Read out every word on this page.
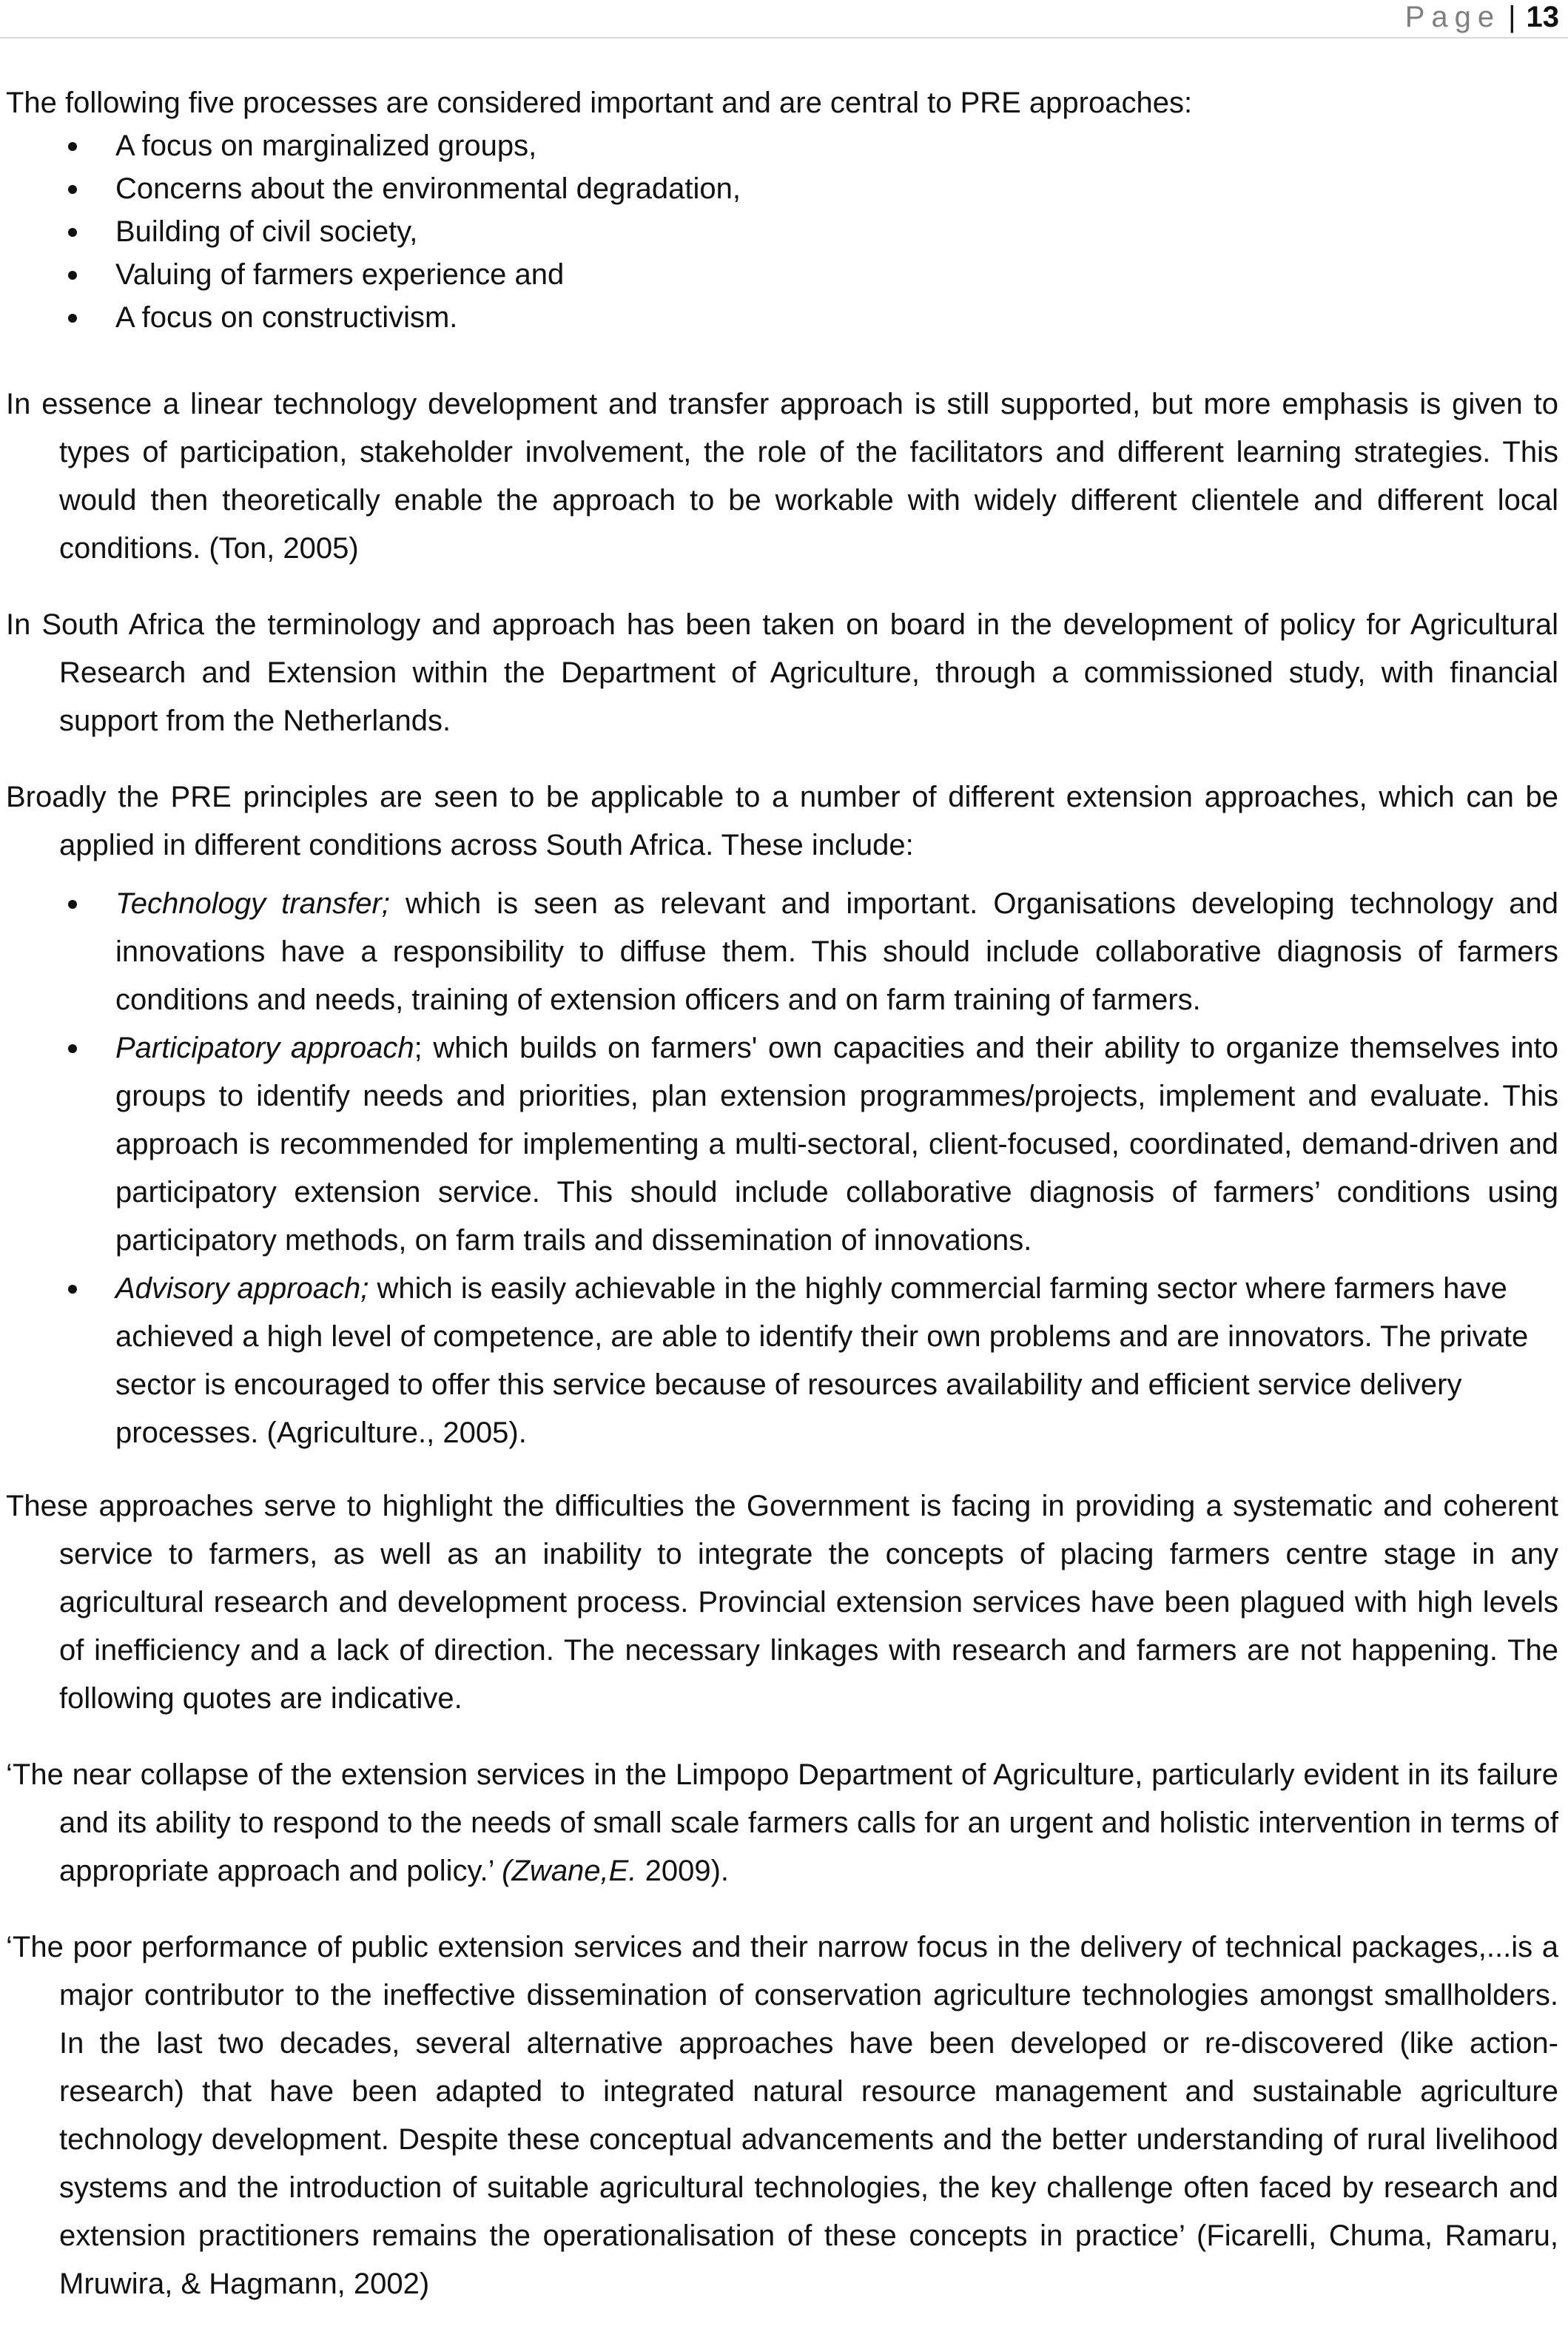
Page | 13

The following five processes are considered important and are central to PRE approaches:

A focus on marginalized groups,
Concerns about the environmental degradation,
Building of civil society,
Valuing of farmers experience and
A focus on constructivism.

In essence a linear technology development and transfer approach is still supported, but more emphasis is given to types of participation, stakeholder involvement, the role of the facilitators and different learning strategies. This would then theoretically enable the approach to be workable with widely different clientele and different local conditions. (Ton, 2005)

In South Africa the terminology and approach has been taken on board in the development of policy for Agricultural Research and Extension within the Department of Agriculture, through a commissioned study, with financial support from the Netherlands.

Broadly the PRE principles are seen to be applicable to a number of different extension approaches, which can be applied in different conditions across South Africa. These include:

Technology transfer; which is seen as relevant and important. Organisations developing technology and innovations have a responsibility to diffuse them. This should include collaborative diagnosis of farmers conditions and needs, training of extension officers and on farm training of farmers.
Participatory approach; which builds on farmers' own capacities and their ability to organize themselves into groups to identify needs and priorities, plan extension programmes/projects, implement and evaluate. This approach is recommended for implementing a multi-sectoral, client-focused, coordinated, demand-driven and participatory extension service. This should include collaborative diagnosis of farmers’ conditions using participatory methods, on farm trails and dissemination of innovations.
Advisory approach; which is easily achievable in the highly commercial farming sector where farmers have achieved a high level of competence, are able to identify their own problems and are innovators. The private sector is encouraged to offer this service because of resources availability and efficient service delivery processes. (Agriculture., 2005).

These approaches serve to highlight the difficulties the Government is facing in providing a systematic and coherent service to farmers, as well as an inability to integrate the concepts of placing farmers centre stage in any agricultural research and development process. Provincial extension services have been plagued with high levels of inefficiency and a lack of direction. The necessary linkages with research and farmers are not happening. The following quotes are indicative.

‘The near collapse of the extension services in the Limpopo Department of Agriculture, particularly evident in its failure and its ability to respond to the needs of small scale farmers calls for an urgent and holistic intervention in terms of appropriate approach and policy.’ (Zwane,E. 2009).

‘The poor performance of public extension services and their narrow focus in the delivery of technical packages,...is a major contributor to the ineffective dissemination of conservation agriculture technologies amongst smallholders. In the last two decades, several alternative approaches have been developed or re-discovered (like action-research) that have been adapted to integrated natural resource management and sustainable agriculture technology development. Despite these conceptual advancements and the better understanding of rural livelihood systems and the introduction of suitable agricultural technologies, the key challenge often faced by research and extension practitioners remains the operationalisation of these concepts in practice’ (Ficarelli, Chuma, Ramaru, Mruwira, & Hagmann, 2002)
